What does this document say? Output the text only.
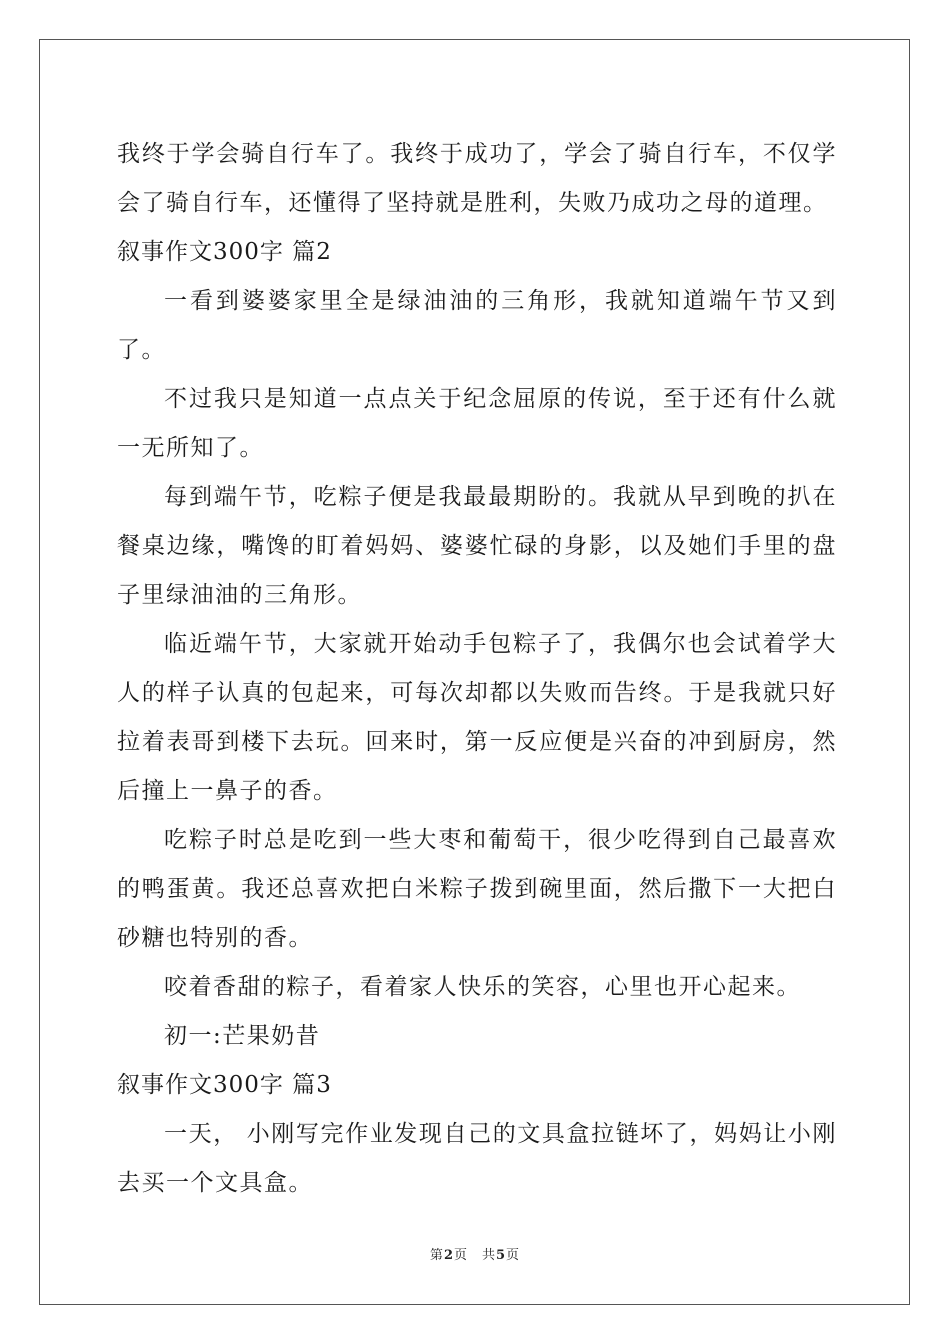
我终于学会骑自行车了。我终于成功了，学会了骑自行车，不仅学会了骑自行车，还懂得了坚持就是胜利，失败乃成功之母的道理。

叙事作文300字 篇2

一看到婆婆家里全是绿油油的三角形，我就知道端午节又到了。

不过我只是知道一点点关于纪念屈原的传说，至于还有什么就一无所知了。

每到端午节，吃粽子便是我最最期盼的。我就从早到晚的扒在餐桌边缘，嘴馋的盯着妈妈、婆婆忙碌的身影，以及她们手里的盘子里绿油油的三角形。

临近端午节，大家就开始动手包粽子了，我偶尔也会试着学大人的样子认真的包起来，可每次却都以失败而告终。于是我就只好拉着表哥到楼下去玩。回来时，第一反应便是兴奋的冲到厨房，然后撞上一鼻子的香。

吃粽子时总是吃到一些大枣和葡萄干，很少吃得到自己最喜欢的鸭蛋黄。我还总喜欢把白米粽子拨到碗里面，然后撒下一大把白砂糖也特别的香。

咬着香甜的粽子，看着家人快乐的笑容，心里也开心起来。

初一:芒果奶昔

叙事作文300字 篇3

一天， 小刚写完作业发现自己的文具盒拉链坏了，妈妈让小刚去买一个文具盒。

第2页　共5页
